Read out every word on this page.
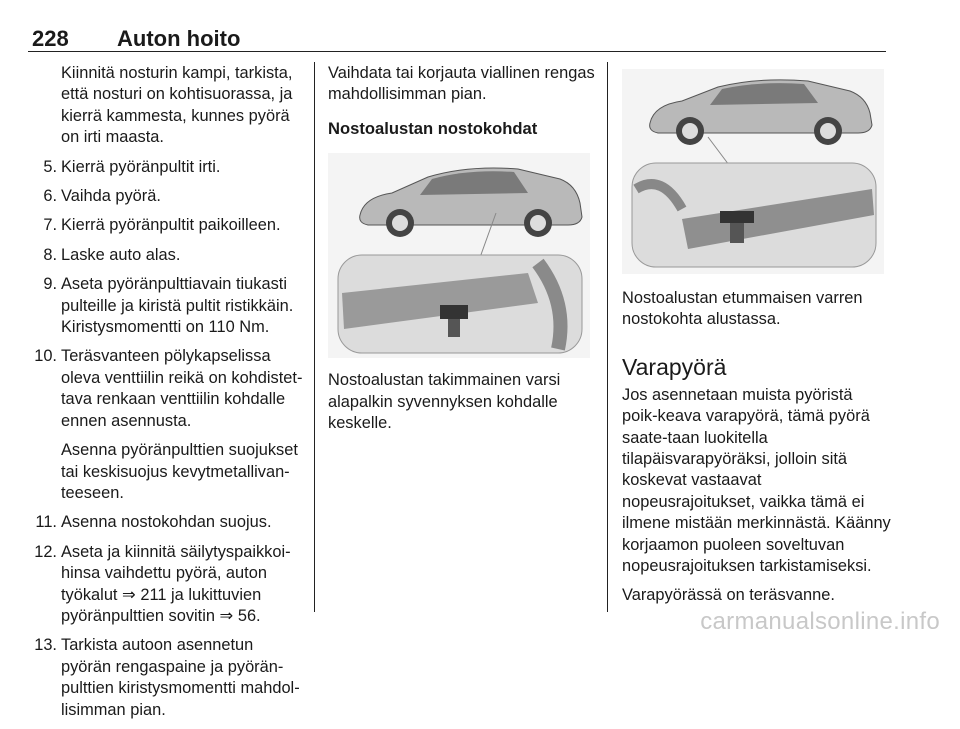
228 Auton hoito
Kiinnitä nosturin kampi, tarkista, että nosturi on kohtisuorassa, ja kierrä kammesta, kunnes pyörä on irti maasta.
5. Kierrä pyöränpultit irti.
6. Vaihda pyörä.
7. Kierrä pyöränpultit paikoilleen.
8. Laske auto alas.
9. Aseta pyöränpulttiavain tiukasti pulteille ja kiristä pultit ristikkäin. Kiristysmomentti on 110 Nm.
10. Teräsvanteen pölykapselissa oleva venttiilin reikä on kohdistet-tava renkaan venttiilin kohdalle ennen asennusta.
Asenna pyöränpulttien suojukset tai keskisuojus kevytmetallivan-teeseen.
11. Asenna nostokohdan suojus.
12. Aseta ja kiinnitä säilytyspaikkoi-hinsa vaihdettu pyörä, auton työkalut ⇒ 211 ja lukittuvien pyöränpulttien sovitin ⇒ 56.
13. Tarkista autoon asennetun pyörän rengaspaine ja pyörän-pulttien kiristysmomentti mahdol-lisimman pian.

Vaihdata tai korjauta viallinen rengas mahdollisimman pian.

Nostoalustan nostokohdat

Nostoalustan takimmainen varsi alapalkin syvennyksen kohdalle keskelle.

Nostoalustan etummaisen varren nostokohta alustassa.

Varapyörä

Jos asennetaan muista pyöristä poik-keava varapyörä, tämä pyörä saate-taan luokitella tilapäisvarapyöräksi, jolloin sitä koskevat vastaavat nopeusrajoitukset, vaikka tämä ei ilmene mistään merkinnästä. Käänny korjaamon puoleen soveltuvan nopeusrajoituksen tarkistamiseksi.

Varapyörässä on teräsvanne.

carmanualsonline.info
